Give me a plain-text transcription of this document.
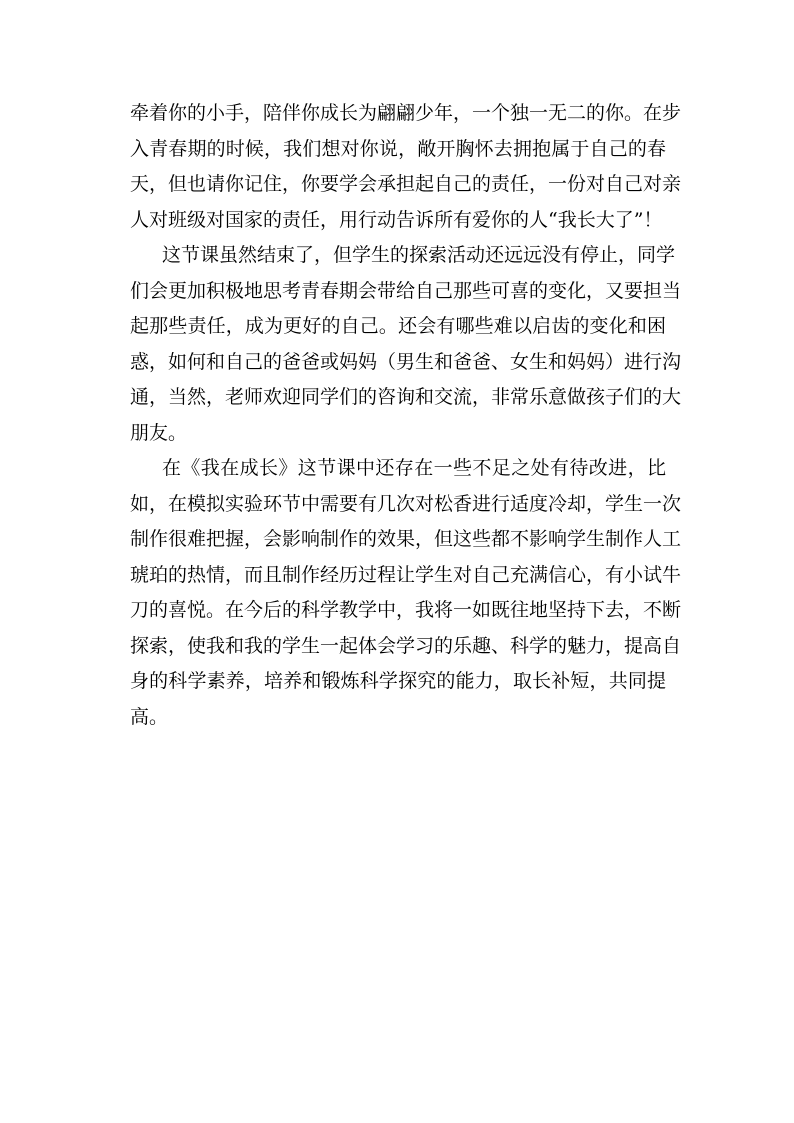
牵着你的小手，陪伴你成长为翩翩少年，一个独一无二的你。在步
入青春期的时候，我们想对你说，敞开胸怀去拥抱属于自己的春
天，但也请你记住，你要学会承担起自己的责任，一份对自己对亲
人对班级对国家的责任，用行动告诉所有爱你的人“我长大了”！
这节课虽然结束了，但学生的探索活动还远远没有停止，同学
们会更加积极地思考青春期会带给自己那些可喜的变化，又要担当
起那些责任，成为更好的自己。还会有哪些难以启齿的变化和困
惑，如何和自己的爸爸或妈妈（男生和爸爸、女生和妈妈）进行沟
通，当然，老师欢迎同学们的咨询和交流，非常乐意做孩子们的大
朋友。
在《我在成长》这节课中还存在一些不足之处有待改进，比
如，在模拟实验环节中需要有几次对松香进行适度冷却，学生一次
制作很难把握，会影响制作的效果，但这些都不影响学生制作人工
琥珀的热情，而且制作经历过程让学生对自己充满信心，有小试牛
刀的喜悦。在今后的科学教学中，我将一如既往地坚持下去，不断
探索，使我和我的学生一起体会学习的乐趣、科学的魅力，提高自
身的科学素养，培养和锻炼科学探究的能力，取长补短，共同提
高。
